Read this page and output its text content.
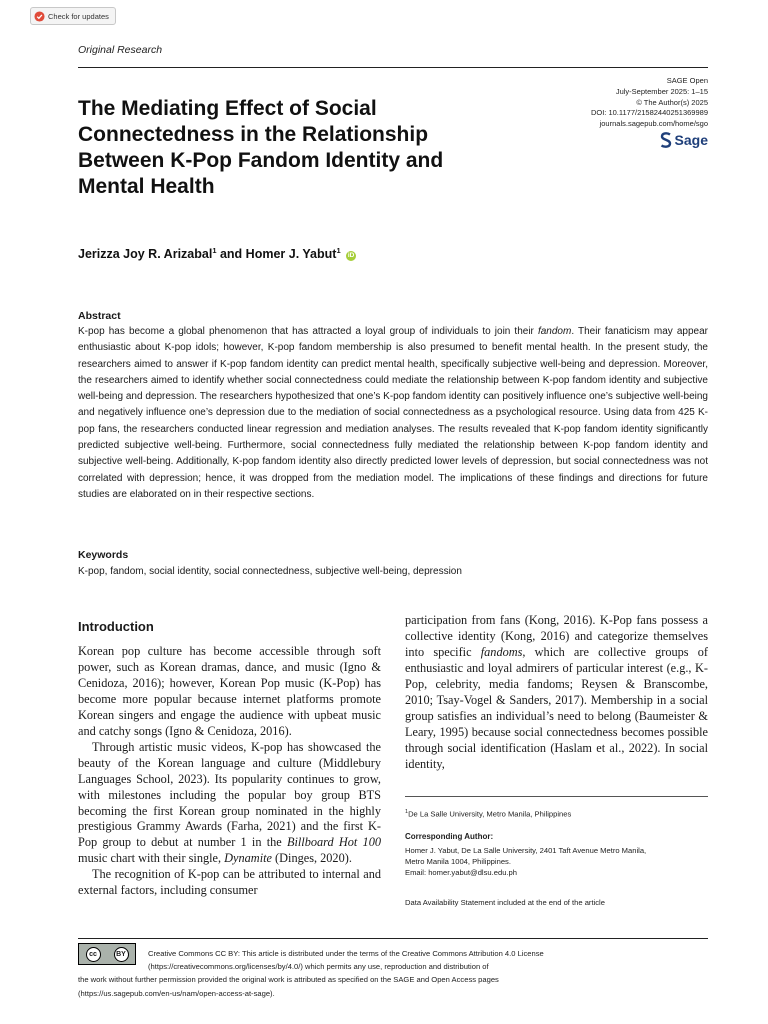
Check for updates
Original Research
SAGE Open
July-September 2025: 1–15
© The Author(s) 2025
DOI: 10.1177/21582440251369989
journals.sagepub.com/home/sgo
Sage
The Mediating Effect of Social Connectedness in the Relationship Between K-Pop Fandom Identity and Mental Health
Jerizza Joy R. Arizabal$^1$ and Homer J. Yabut$^1$ iD
Abstract

K-pop has become a global phenomenon that has attracted a loyal group of individuals to join their fandom. Their fanaticism may appear enthusiastic about K-pop idols; however, K-pop fandom membership is also presumed to benefit mental health. In the present study, the researchers aimed to answer if K-pop fandom identity can predict mental health, specifically subjective well-being and depression. Moreover, the researchers aimed to identify whether social connectedness could mediate the relationship between K-pop fandom identity and subjective well-being and depression. The researchers hypothesized that one’s K-pop fandom identity can positively influence one’s subjective well-being and negatively influence one’s depression due to the mediation of social connectedness as a psychological resource. Using data from 425 K-pop fans, the researchers conducted linear regression and mediation analyses. The results revealed that K-pop fandom identity significantly predicted subjective well-being. Furthermore, social connectedness fully mediated the relationship between K-pop fandom identity and subjective well-being. Additionally, K-pop fandom identity also directly predicted lower levels of depression, but social connectedness was not correlated with depression; hence, it was dropped from the mediation model. The implications of these findings and directions for future studies are elaborated on in their respective sections.

Keywords
K-pop, fandom, social identity, social connectedness, subjective well-being, depression
Introduction
Korean pop culture has become accessible through soft power, such as Korean dramas, dance, and music (Igno & Cenidoza, 2016); however, Korean Pop music (K-Pop) has become more popular because internet platforms promote Korean singers and engage the audience with upbeat music and catchy songs (Igno & Cenidoza, 2016).
Through artistic music videos, K-pop has showcased the beauty of the Korean language and culture (Middlebury Languages School, 2023). Its popularity continues to grow, with milestones including the popular boy group BTS becoming the first Korean group nominated in the highly prestigious Grammy Awards (Farha, 2021) and the first K-Pop group to debut at number 1 in the Billboard Hot 100 music chart with their single, Dynamite (Dinges, 2020).
The recognition of K-pop can be attributed to internal and external factors, including consumer
participation from fans (Kong, 2016). K-Pop fans possess a collective identity (Kong, 2016) and categorize themselves into specific fandoms, which are collective groups of enthusiastic and loyal admirers of particular interest (e.g., K-Pop, celebrity, media fandoms; Reysen & Branscombe, 2010; Tsay-Vogel & Sanders, 2017). Membership in a social group satisfies an individual’s need to belong (Baumeister & Leary, 1995) because social connectedness becomes possible through social identification (Haslam et al., 2022). In social identity,
$^1$De La Salle University, Metro Manila, Philippines
Corresponding Author:
Homer J. Yabut, De La Salle University, 2401 Taft Avenue Metro Manila,
Metro Manila 1004, Philippines.
Email: homer.yabut@dlsu.edu.ph
Data Availability Statement included at the end of the article
cc	BY	Creative Commons CC BY: This article is distributed under the terms of the Creative Commons Attribution 4.0 License
(https://creativecommons.org/licenses/by/4.0/) which permits any use, reproduction and distribution of
the work without further permission provided the original work is attributed as specified on the SAGE and Open Access pages
(https://us.sagepub.com/en-us/nam/open-access-at-sage).
